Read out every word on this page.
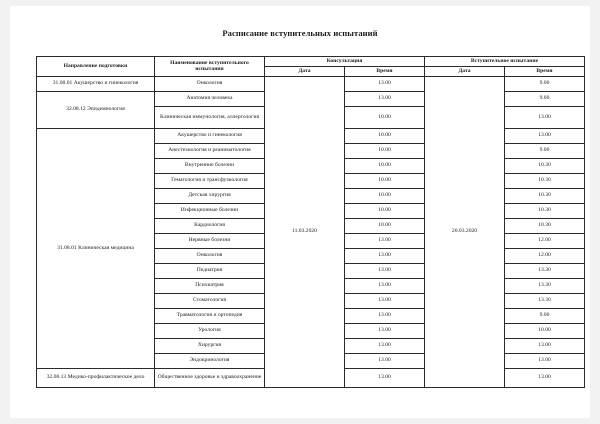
Расписание вступительных испытаний
Направление подготовки	Наименование вступительного испытания	Консультация		Вступительное испытание	
		Дата	Время	Дата	Время
31.08.01 Акушерство и гинекология	Онкология	11.03.2020	13.00	20.03.2020	9.00
32.08.12 Эпидемиология	Анатомия человека		13.00		9.00
	Клиническая иммунология, аллергология		10.00		13.00
31.08.01 Клиническая медицина	Акушерство и гинекология		10.00		13.00
	Анестезиология и реаниматология		10.00		9.00
	Внутренние болезни		10.00		10.30
	Гематология и трансфузиология		10.00		10.30
	Детская хирургия		10.00		10.30
	Инфекционные болезни		10.00		10.30
	Кардиология		10.00		10.30
	Нервные болезни		13.00		12.00
	Онкология		13.00		12.00
	Педиатрия		13.00		13.30
	Психиатрия		13.00		13.30
	Стоматология		13.00		13.30
	Травматология и ортопедия		13.00		9.00
	Урология		13.00		10.00
	Хирургия		13.00		13.00
	Эндокринология		13.00		13.00
32.08.13 Медико-профилактическое дело	Общественное здоровье и здравоохранение		13.00		13.00
